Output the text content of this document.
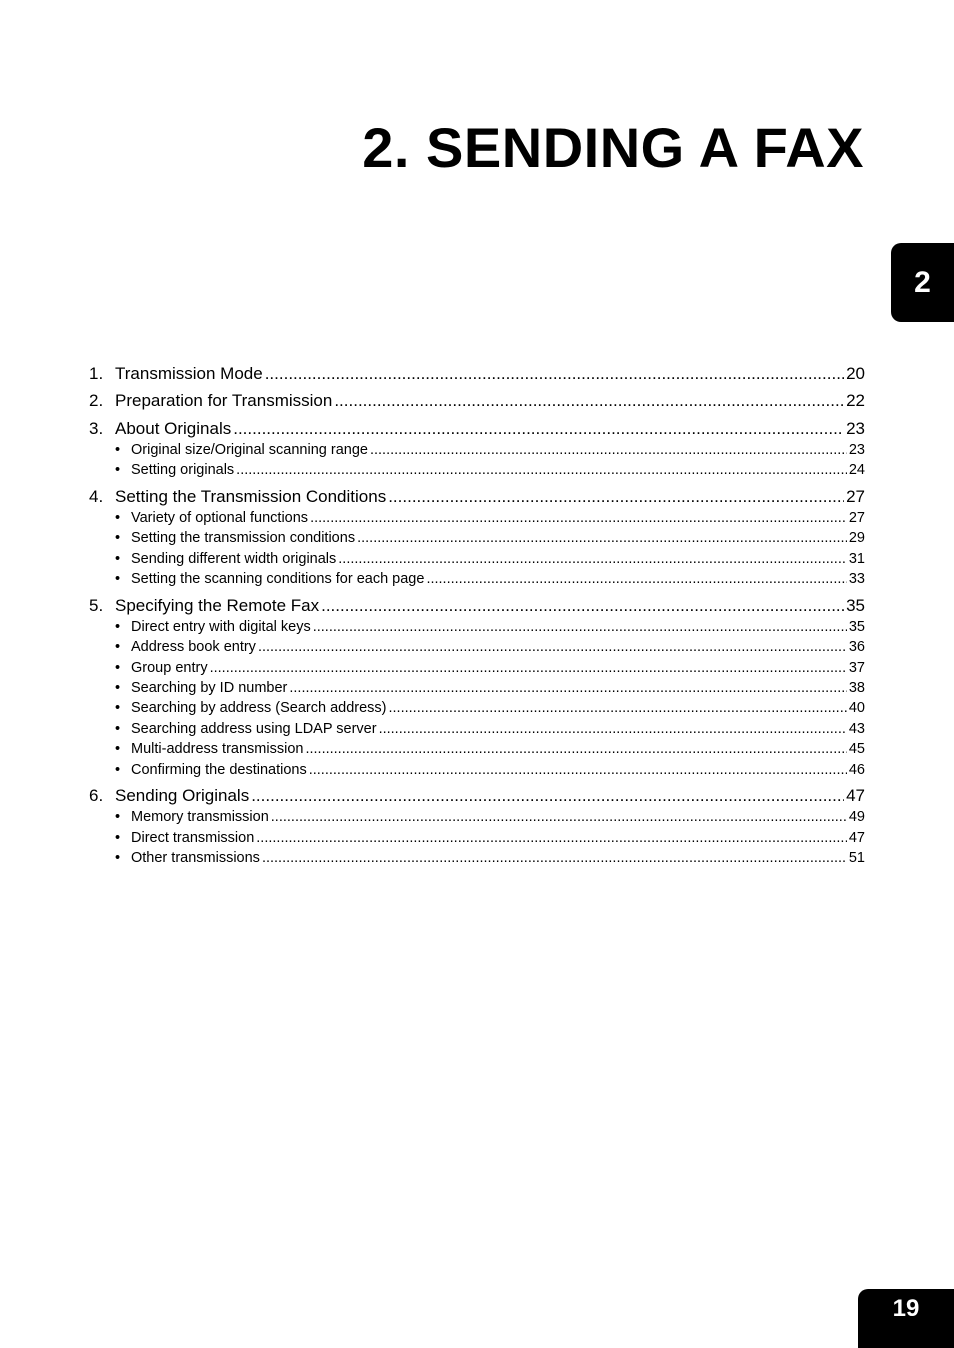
2. SENDING A FAX
2
1. Transmission Mode .....	20
2. Preparation for Transmission .....	22
3. About Originals .....	23
• Original size/Original scanning range .....	23
• Setting originals .....	24
4. Setting the Transmission Conditions .....	27
• Variety of optional functions .....	27
• Setting the transmission conditions .....	29
• Sending different width originals .....	31
• Setting the scanning conditions for each page .....	33
5. Specifying the Remote Fax .....	35
• Direct entry with digital keys .....	35
• Address book entry .....	36
• Group entry .....	37
• Searching by ID number .....	38
• Searching by address (Search address) .....	40
• Searching address using LDAP server .....	43
• Multi-address transmission .....	45
• Confirming the destinations .....	46
6. Sending Originals .....	47
• Memory transmission .....	49
• Direct transmission .....	47
• Other transmissions .....	51
19
